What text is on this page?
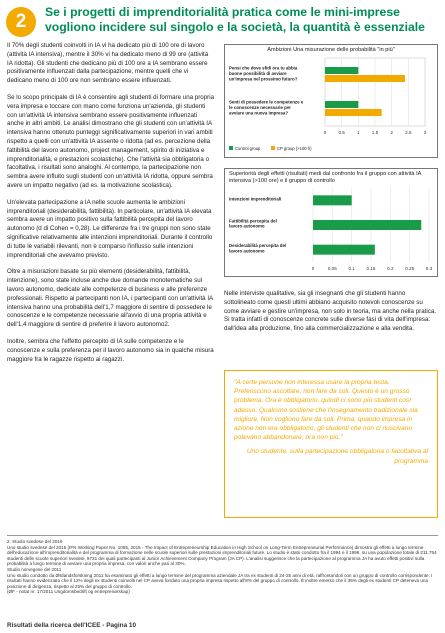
2	Se i progetti di imprenditorialità pratica come le mini-imprese vogliono incidere sul singolo e la società, la quantità è essenziale

Il 70% degli studenti coinvolti in IA vi ha dedicato più di 100 ore di lavoro (attività IA intensiva), mentre il 30% vi ha dedicato meno di 99 ore (attività IA ridotta). Gli studenti che dedicano più di 100 ore a IA sembrano essere positivamente influenzati dalla partecipazione, mentre quelli che vi dedicano meno di 100 ore non sembrano essere influenzati.

Se lo scopo principale di IA è consentire agli studenti di formare una propria vera impresa e toccare con mano come funziona un'azienda, gli studenti con un'attività IA intensiva sembrano essere positivamente influenzati anche in altri ambiti. Le analisi dimostrano che gli studenti con un'attività IA intensiva hanno ottenuto punteggi significativamente superiori in vari ambiti rispetto a quelli con un'attività IA assente o ridotta (ad es. percezione della fattibilità del lavoro autonomo, project management, spirito di iniziativa e imprenditorialità, e prestazioni scolastiche). Che l'attività sia obbligatoria o facoltativa, i risultati sono analoghi. Al contempo, la partecipazione non sembra avere influito sugli studenti con un'attività IA ridotta, oppure sembra avere un impatto negativo (ad es. la motivazione scolastica).

Un'elevata partecipazione a IA nelle scuole aumenta le ambizioni imprenditoriali (desiderabilità, fattibilità). In particolare, un'attività IA elevata sembra avere un impatto positivo sulla fattibilità percepita del lavoro autonomo (d di Cohen = 0,28). Le differenze fra i tre gruppi non sono state significative relativamente alle intenzioni imprenditoriali. Durante il controllo di tutte le variabili rilevanti, non è comparso l'influsso sulle intenzioni imprenditoriali che avevamo previsto.

Oltre a misurazioni basate su più elementi (desiderabilità, fattibilità, intenzione), sono state incluse anche due domande monotematiche sul lavoro autonomo, dedicate alle competenze di business e alle preferenze professionali. Rispetto ai partecipanti non IA, i partecipanti con un'attività IA intensiva hanno una probabilità dell'1,7 maggiore di sentire di possedere le conoscenze e le competenze necessarie all'avvio di una propria attività e dell'1,4 maggiore di sentire di preferire il lavoro autonomo2.

Inoltre, sembra che l'effetto percepito di IA sulle competenze e le conoscenze e sulla preferenza per il lavoro autonomo sia in qualche misura maggiore fra le ragazze rispetto ai ragazzi.

Ambizioni Una misurazione delle probabilità "in più"
0	0.5	1	1.5	2	2.5	3
Pensi che dove sfidi ora tu abbia buone possibilità di avviare un'impresa nel prossimo futuro?
Senti di possedere le competenze e le conoscenze necessarie per avviare una nuova impresa?
Control group	CP group (>100 h)
Superiorità degli effetti (risultati) medi dal confronto fra il gruppo con attività IA intensiva (>100 ore) e il gruppo di controllo
0	0.05	0.1	0.15	0.2	0.25	0.3
Intenzioni imprenditoriali
Fattibilità percepita del lavoro autonomo
Desiderabilità percepita del lavoro autonomo
Nelle interviste qualitative, sia gli insegnanti che gli studenti hanno sottolineato come questi ultimi abbiano acquisito notevoli conoscenze su come avviare e gestire un'impresa, non solo in teoria, ma anche nella pratica. Si tratta infatti di conoscenze concrete sulle diverse fasi di vita dell'impresa: dall'idea alla produzione, fino alla commercializzazione e alla vendita.
"A certe persone non interessa usare la propria testa. Preferiscono ascoltare, non fare da soli. Questo è un grosso problema. Ora è obbligatorio, quindi ci sono più studenti così adesso. Qualcuno sostiene che l'insegnamento tradizionale sia migliore. Non vogliono fare da soli. Prima, quando impresa in azione non era obbligatorio, gli studenti che non ci riuscivano potevano abbandonare; ora non più."
Uno studente, sulla partecipazione obbligatoria o facoltativa al programma
2. Studio svedese del 2016
Uno studio svedese del 2015 (IFN Working Paper No. 1055, 2015 - The Impact of Entrepreneurship Education in High School on Long-Term Entrepreneurial Performance) dimostra gli effetti a lungo termine dell'educazione all'imprenditorialità e del programma di formazione nelle scuole superiori sulle prestazioni imprenditoriali future. Lo studio è stato condotto fra il 1994 e il 1996, su una popolazione totale di 211.754 studenti delle scuole superiori svedesi, 9731 dei quali partecipanti al Junior Achievement Company Program (JA CP). L'analisi suggerisce che la partecipazione al programma JA ha avuto effetti positivi sulla probabilità a lungo termine di avviare una propria impresa, con valori anche pari al 30%.
Studio norvegese del 2011
Uno studio condotto da Østlandsforskning 2011 ha esaminato gli effetti a lungo termine del programma aziendale JA tra ex studenti di 24-25 anni di età, raffrontandoli con un gruppo di controllo corrispondente. I risultati hanno evidenziato che il 12% degli ex studenti coinvolti nel CP aveva fondato una propria impresa rispetto all'8% del gruppo di controllo. È inoltre emerso che il 35% degli ex studenti CP deteneva una posizione di dirigenza, rispetto al 25% del gruppo di controllo.
(ØF - notat nr. 17/2011 Ungdomsbedrift og entreprenørskap)
Risultati della ricerca dell'ICEE - Pagina 10
